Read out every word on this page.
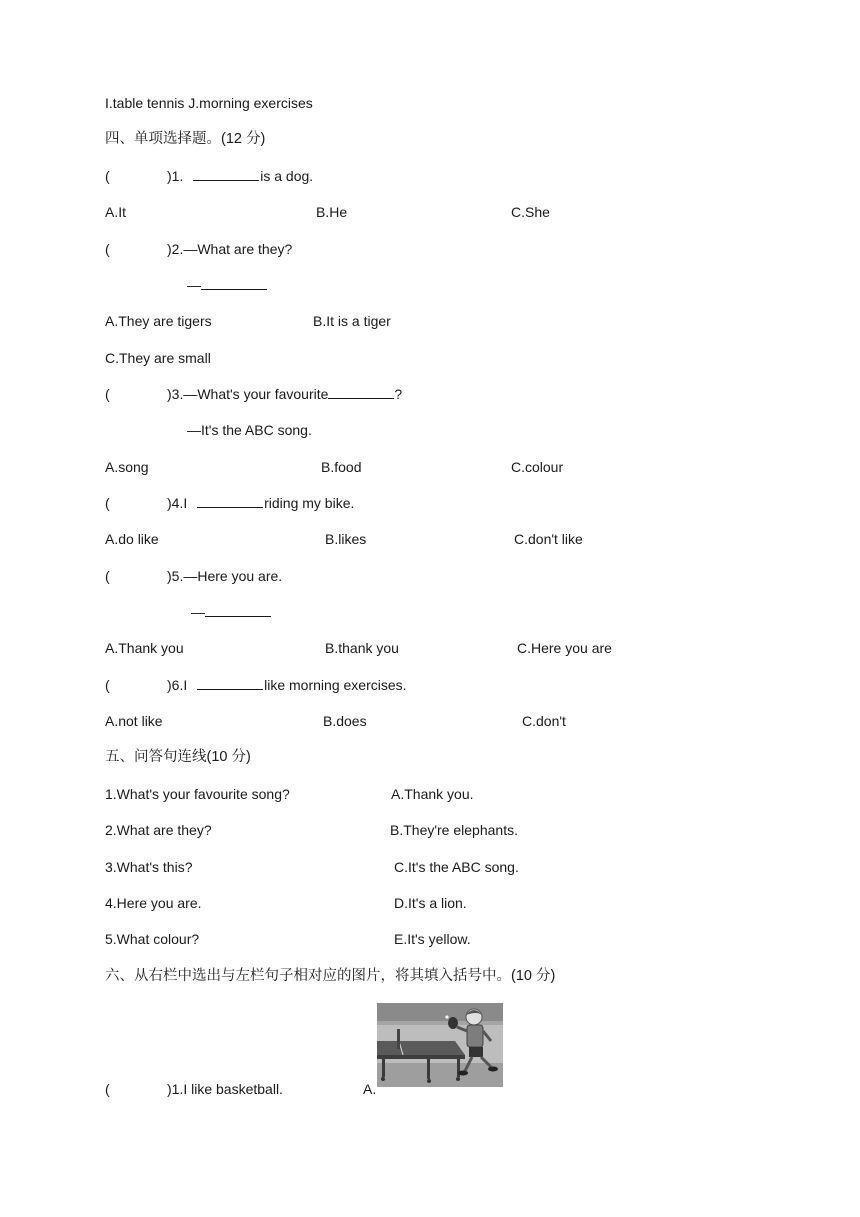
I.table tennis J.morning exercises
四、单项选择题。(12 分)
(	)1.	is a dog.
A.It	B.He	C.She
(	)2.—What are they?
—
A.They are tigers	B.It is a tiger
C.They are small
(	)3.—What's your favourite	?
—It's the ABC song.
A.song	B.food	C.colour
(	)4.I	riding my bike.
A.do like	B.likes	C.don't like
(	)5.—Here you are.
—
A.Thank you	B.thank you	C.Here you are
(	)6.I	like morning exercises.
A.not like	B.does	C.don't
五、问答句连线(10 分)
1.What's your favourite song?	A.Thank you.
2.What are they?	B.They're elephants.
3.What's this?	C.It's the ABC song.
4.Here you are.	D.It's a lion.
5.What colour?	E.It's yellow.
六、从右栏中选出与左栏句子相对应的图片，将其填入括号中。(10 分)
(	)1.I like basketball.	A.
